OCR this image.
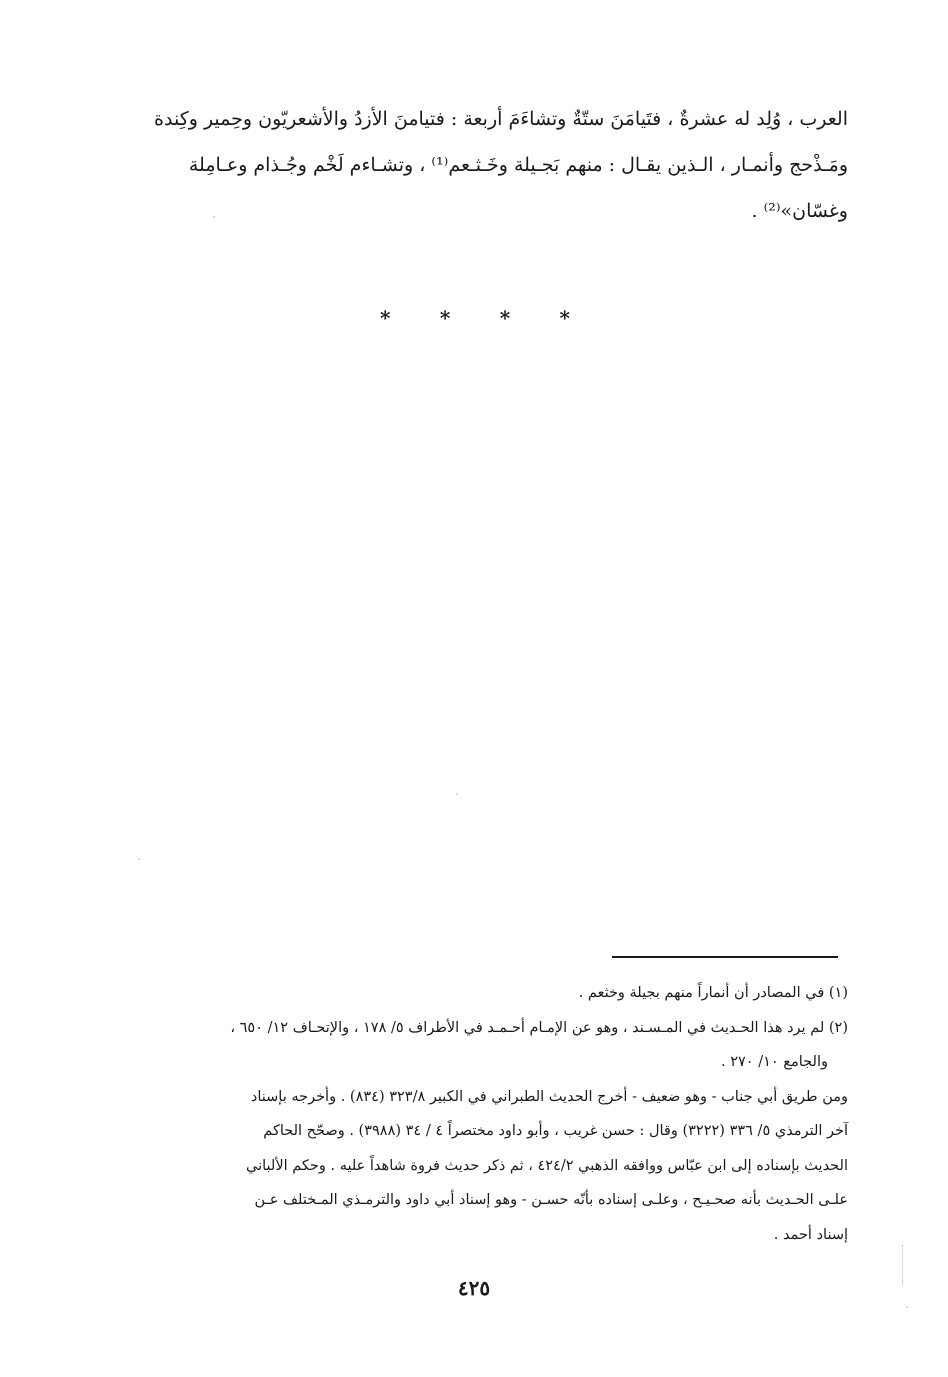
العرب ، وُلِد له عشرةٌ ، فتَيامَنَ ستّةٌ وتشاءَمَ أربعة : فتيامنَ الأزدُ والأشعريّون وحِمير وكِندة

ومَـذْحج وأنمـار ، الـذين يقـال : منهم بَجـيلة وخَـثـعم⁽¹⁾ ، وتشـاءم لَخْم وجُـذام وعـامِلة

وغسّان»⁽²⁾ .

*
*
*
*

(١) في المصادر أن أنماراً منهم بجيلة وخثعم .

(٢) لم يرد هذا الحـديث في المـسـند ، وهو عن الإمـام أحـمـد في الأطراف ٥/ ١٧٨ ، والإتحـاف ١٢/ ٦٥٠ ،

والجامع ١٠/ ٢٧٠ .

ومن طريق أبي جناب - وهو ضعيف - أخرج الحديث الطبراني في الكبير ٣٢٣/٨ (٨٣٤) . وأخرجه بإسناد

آخر الترمذي ٥/ ٣٣٦ (٣٢٢٢) وقال : حسن غريب ، وأبو داود مختصراً ٤ / ٣٤ (٣٩٨٨) . وصحّح الحاكم

الحديث بإسناده إلى ابن عبّاس ووافقه الذهبي ٤٢٤/٢ ، ثم ذكر حديث فروة شاهداً عليه . وحكم الألباني

علـى الحـديث بأنه صحـيـح ، وعلـى إسناده بأنّه حسـن - وهو إسناد أبي داود والترمـذي المـختلف عـن

إسناد أحمد .

٤٢٥
